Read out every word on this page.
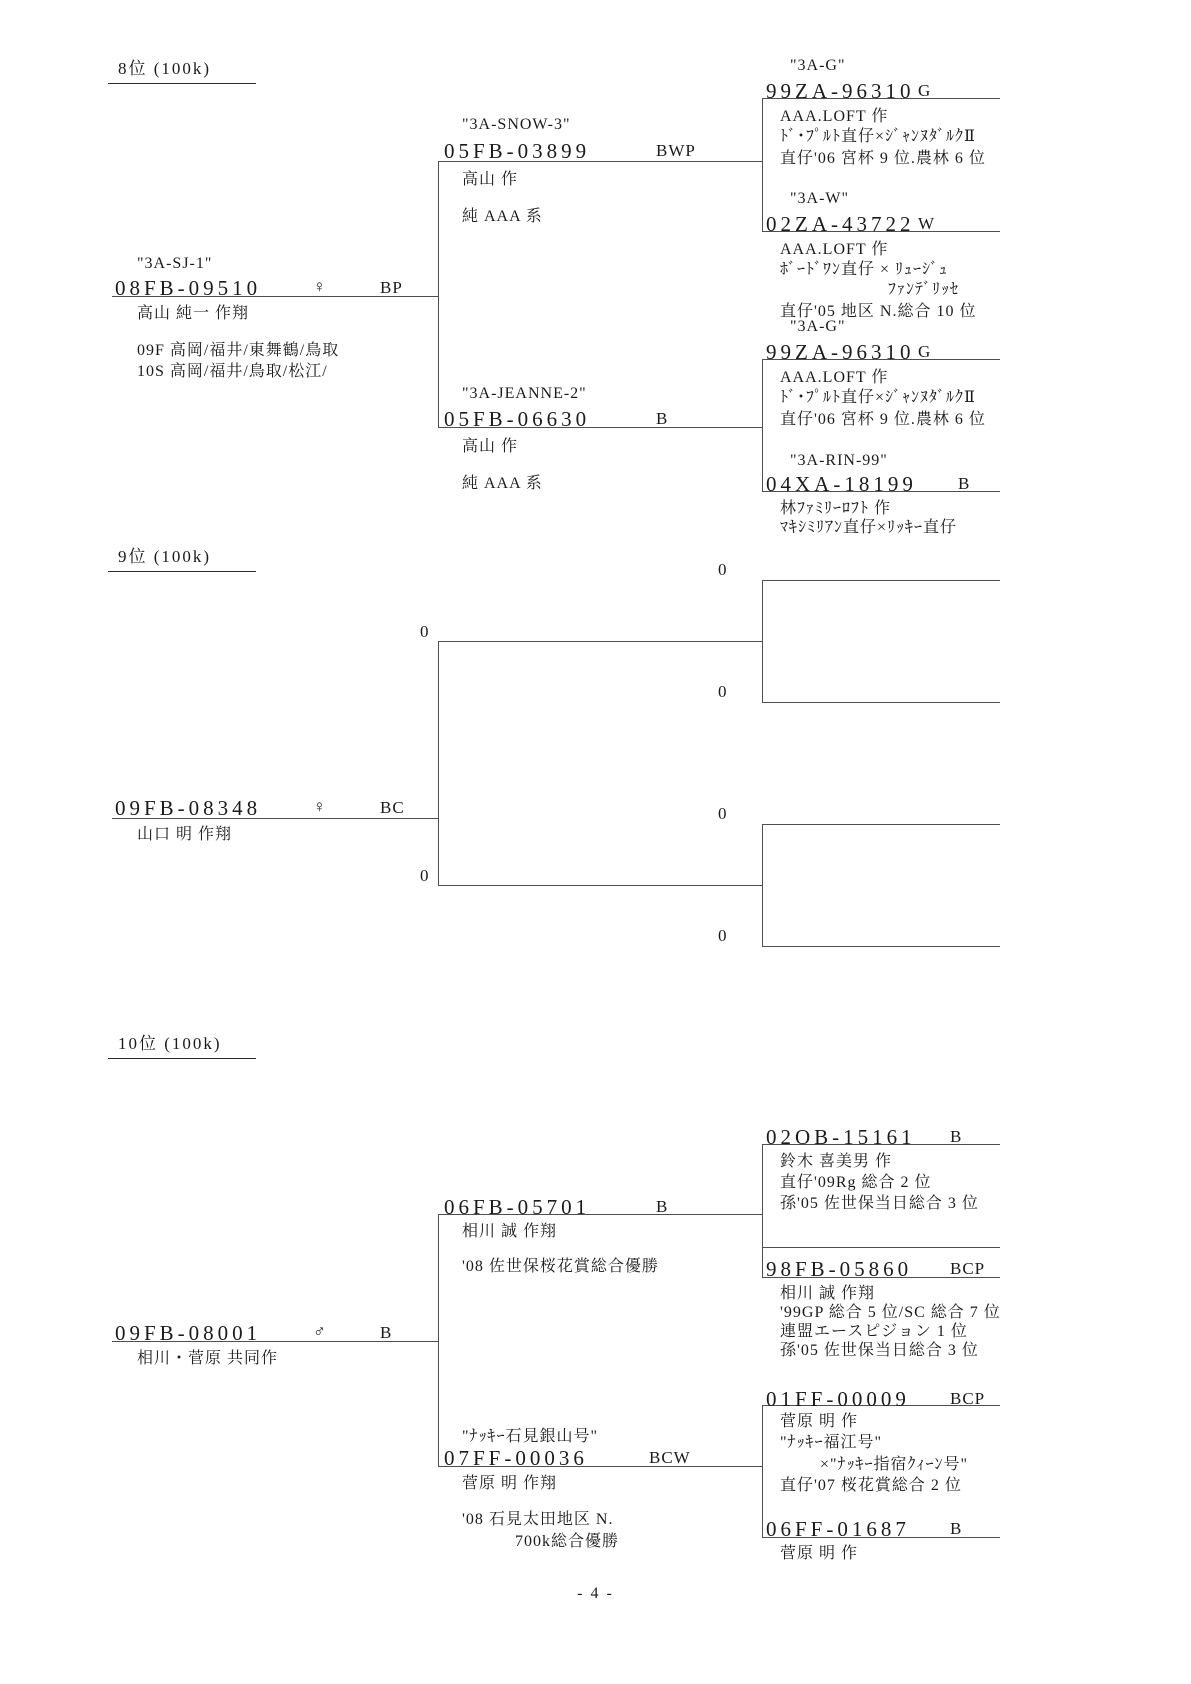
8位 (100k)	"3A-G"
99ZA-96310 G
AAA.LOFT 作
ﾄﾞ･ﾌﾟﾙﾄ直仔×ｼﾞｬﾝﾇﾀﾞﾙｸⅡ
直仔'06 宮杯 9 位.農林 6 位
"3A-SNOW-3"
05FB-03899	BWP
高山 作
純 AAA 系
"3A-W"
02ZA-43722 W
AAA.LOFT 作
ﾎﾞｰﾄﾞﾜﾝ直仔 × ﾘｭｰｼﾞｭ
ﾌｧﾝﾃﾞﾘｯｾ
直仔'05 地区 N.総合 10 位
"3A-SJ-1"
08FB-09510	♀	BP
高山 純一 作翔
09F 高岡/福井/東舞鶴/鳥取
10S 高岡/福井/鳥取/松江/
"3A-G"
99ZA-96310 G
AAA.LOFT 作
ﾄﾞ･ﾌﾟﾙﾄ直仔×ｼﾞｬﾝﾇﾀﾞﾙｸⅡ
直仔'06 宮杯 9 位.農林 6 位
"3A-JEANNE-2"
05FB-06630	B
高山 作
純 AAA 系
"3A-RIN-99"
04XA-18199 B
林ﾌｧﾐﾘｰﾛﾌﾄ 作
ﾏｷｼﾐﾘｱﾝ直仔×ﾘｯｷｰ直仔
9位 (100k)
0
0
0
0
0
0
09FB-08348	♀	BC
山口 明 作翔
10位 (100k)
02OB-15161 B
鈴木 喜美男 作
直仔'09Rg 総合 2 位
孫'05 佐世保当日総合 3 位
06FB-05701	B
相川 誠 作翔
'08 佐世保桜花賞総合優勝	98FB-05860 BCP
相川 誠 作翔
'99GP 総合 5 位/SC 総合 7 位
連盟エースピジョン 1 位
孫'05 佐世保当日総合 3 位
09FB-08001	♂	B
相川・菅原 共同作
01FF-00009 BCP
菅原 明 作
"ﾅｯｷｰ福江号"
×"ﾅｯｷｰ指宿ｸｨｰﾝ号"
直仔'07 桜花賞総合 2 位
"ﾅｯｷｰ石見銀山号"
07FF-00036	BCW
菅原 明 作翔
'08 石見太田地区 N.
700k総合優勝
06FF-01687 B
菅原 明 作
- 4 -
